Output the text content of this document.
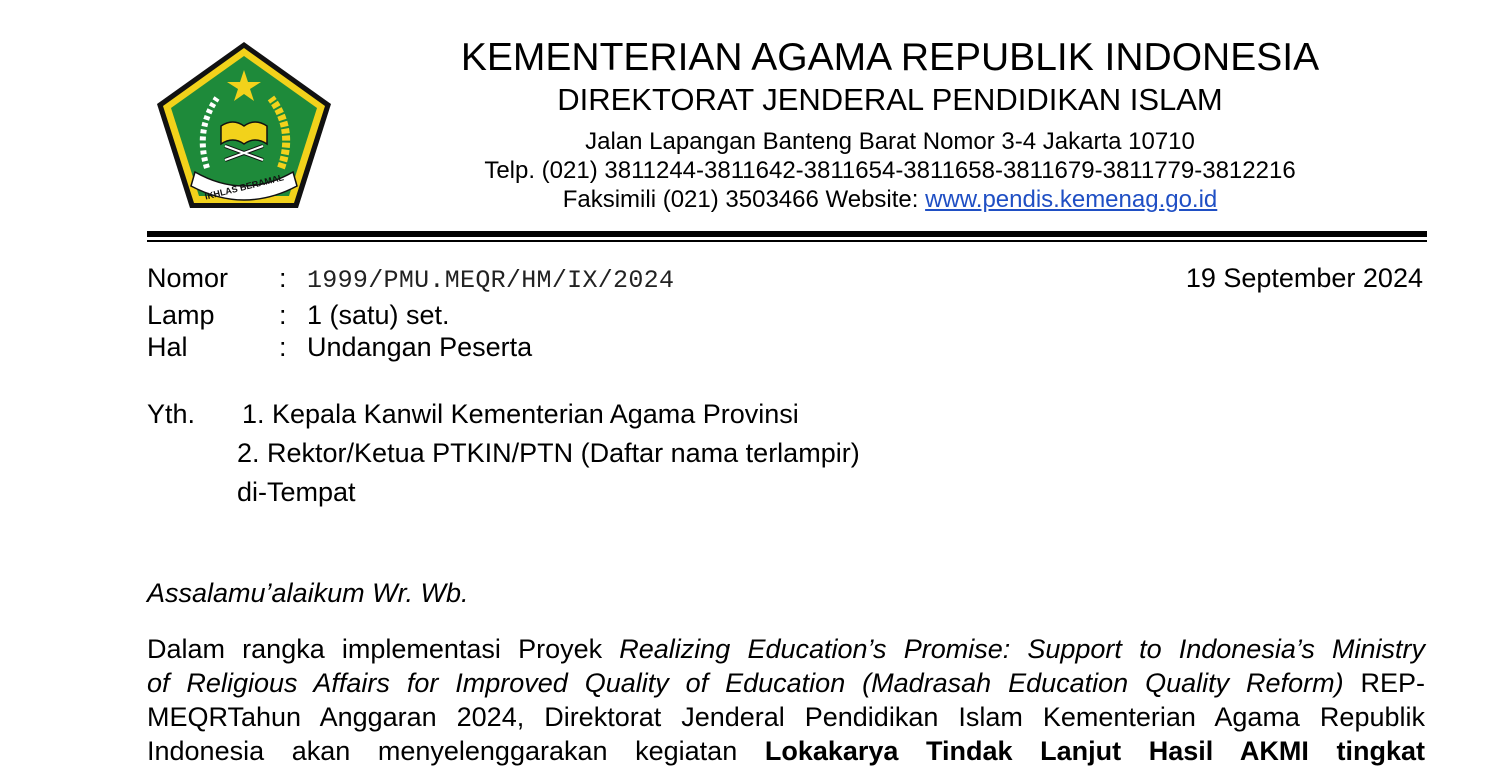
IKHLAS BERAMAL
KEMENTERIAN AGAMA REPUBLIK INDONESIA
DIREKTORAT JENDERAL PENDIDIKAN ISLAM
Jalan Lapangan Banteng Barat Nomor 3-4 Jakarta 10710
Telp. (021) 3811244-3811642-3811654-3811658-3811679-3811779-3812216
Faksimili (021) 3503466 Website: www.pendis.kemenag.go.id
Nomor : 1999/PMU.MEQR/HM/IX/2024	19 September 2024
Lamp : 1 (satu) set.
Hal	: Undangan Peserta
Yth. 1. Kepala Kanwil Kementerian Agama Provinsi
2. Rektor/Ketua PTKIN/PTN (Daftar nama terlampir)
di-Tempat
Assalamu’alaikum Wr. Wb.
Dalam rangka implementasi Proyek Realizing Education’s Promise: Support to Indonesia’s Ministry
of Religious Affairs for Improved Quality of Education (Madrasah Education Quality Reform) REP-
MEQRTahun Anggaran 2024, Direktorat Jenderal Pendidikan Islam Kementerian Agama Republik
Indonesia akan menyelenggarakan kegiatan Lokakarya Tindak Lanjut Hasil AKMI tingkat
